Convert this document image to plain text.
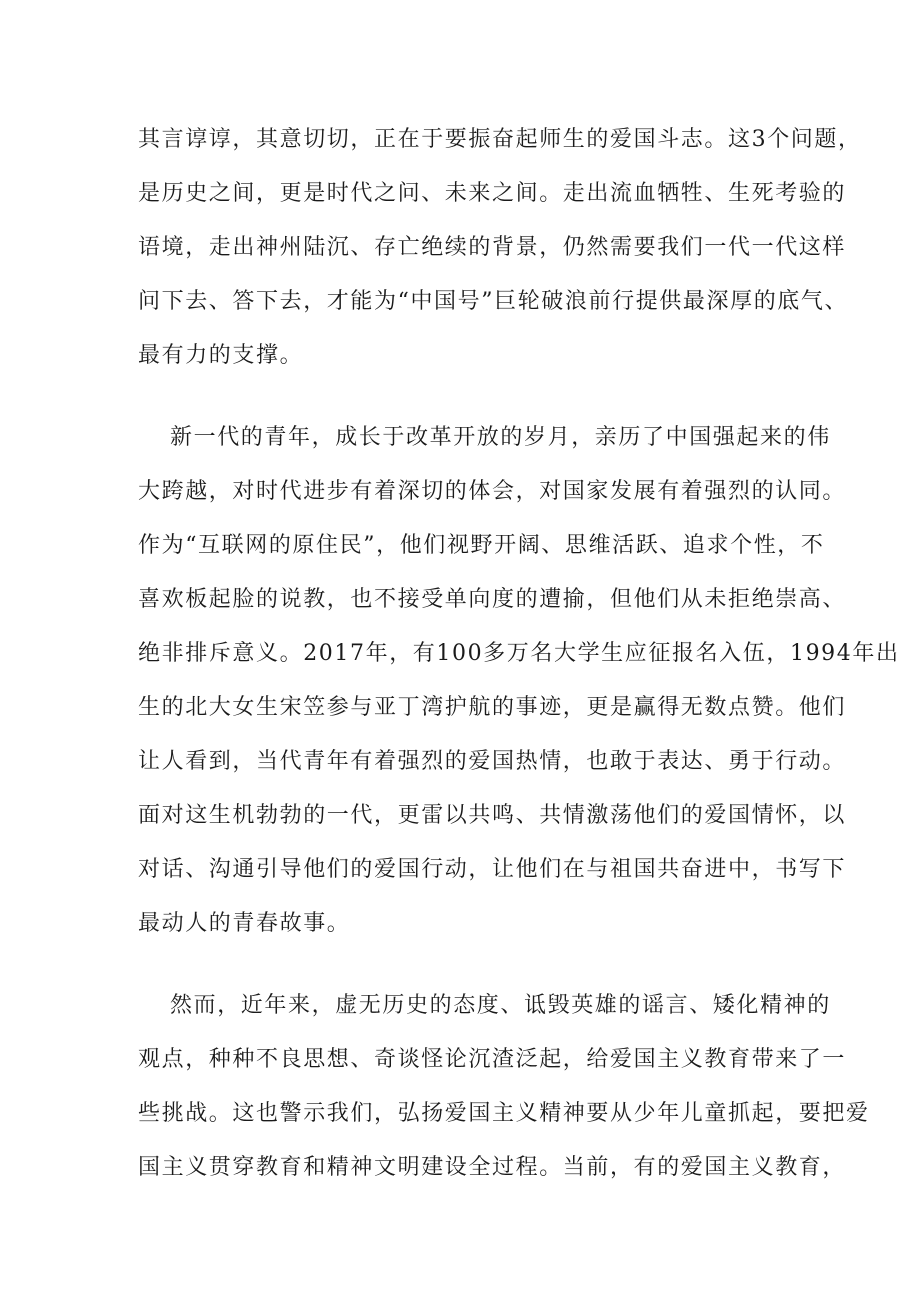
其言谆谆，其意切切，正在于要振奋起师生的爱国斗志。这3个问题，
是历史之间，更是时代之问、未来之间。走出流血牺牲、生死考验的
语境，走出神州陆沉、存亡绝续的背景，仍然需要我们一代一代这样
问下去、答下去，才能为“中国号”巨轮破浪前行提供最深厚的底气、
最有力的支撑。
新一代的青年，成长于改革开放的岁月，亲历了中国强起来的伟
大跨越，对时代进步有着深切的体会，对国家发展有着强烈的认同。
作为“互联网的原住民”，他们视野开阔、思维活跃、追求个性，不
喜欢板起脸的说教，也不接受单向度的遭揄，但他们从未拒绝崇高、
绝非排斥意义。2017年，有100多万名大学生应征报名入伍，1994年出
生的北大女生宋笠参与亚丁湾护航的事迹，更是赢得无数点赞。他们
让人看到，当代青年有着强烈的爱国热情，也敢于表达、勇于行动。
面对这生机勃勃的一代，更雷以共鸣、共情激荡他们的爱国情怀，以
对话、沟通引导他们的爱国行动，让他们在与祖国共奋进中，书写下
最动人的青春故事。
然而，近年来，虚无历史的态度、诋毁英雄的谣言、矮化精神的
观点，种种不良思想、奇谈怪论沉渣泛起，给爱国主义教育带来了一
些挑战。这也警示我们，弘扬爱国主义精神要从少年儿童抓起，要把爱
国主义贯穿教育和精神文明建设全过程。当前，有的爱国主义教育，
